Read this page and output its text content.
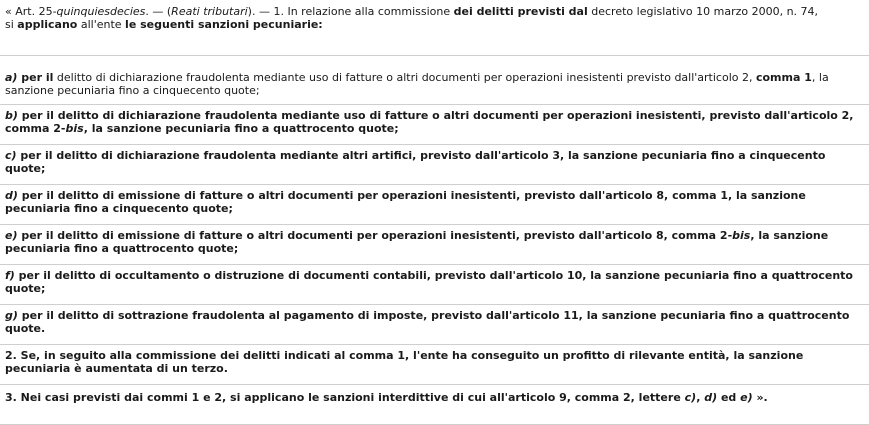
« Art. 25-quinquiesdecies. — (Reati tributari). — 1. In relazione alla commissione dei delitti previsti dal decreto legislativo 10 marzo 2000, n. 74,
si applicano all'ente le seguenti sanzioni pecuniarie:
a) per il delitto di dichiarazione fraudolenta mediante uso di fatture o altri documenti per operazioni inesistenti previsto dall'articolo 2, comma 1, la sanzione pecuniaria fino a cinquecento quote;
b) per il delitto di dichiarazione fraudolenta mediante uso di fatture o altri documenti per operazioni inesistenti, previsto dall'articolo 2, comma 2-bis, la sanzione pecuniaria fino a quattrocento quote;
c) per il delitto di dichiarazione fraudolenta mediante altri artifici, previsto dall'articolo 3, la sanzione pecuniaria fino a cinquecento quote;
d) per il delitto di emissione di fatture o altri documenti per operazioni inesistenti, previsto dall'articolo 8, comma 1, la sanzione pecuniaria fino a cinquecento quote;
e) per il delitto di emissione di fatture o altri documenti per operazioni inesistenti, previsto dall'articolo 8, comma 2-bis, la sanzione pecuniaria fino a quattrocento quote;
f) per il delitto di occultamento o distruzione di documenti contabili, previsto dall'articolo 10, la sanzione pecuniaria fino a quattrocento quote;
g) per il delitto di sottrazione fraudolenta al pagamento di imposte, previsto dall'articolo 11, la sanzione pecuniaria fino a quattrocento quote.
2. Se, in seguito alla commissione dei delitti indicati al comma 1, l'ente ha conseguito un profitto di rilevante entità, la sanzione pecuniaria è aumentata di un terzo.
3. Nei casi previsti dai commi 1 e 2, si applicano le sanzioni interdittive di cui all'articolo 9, comma 2, lettere c), d) ed e) ».
